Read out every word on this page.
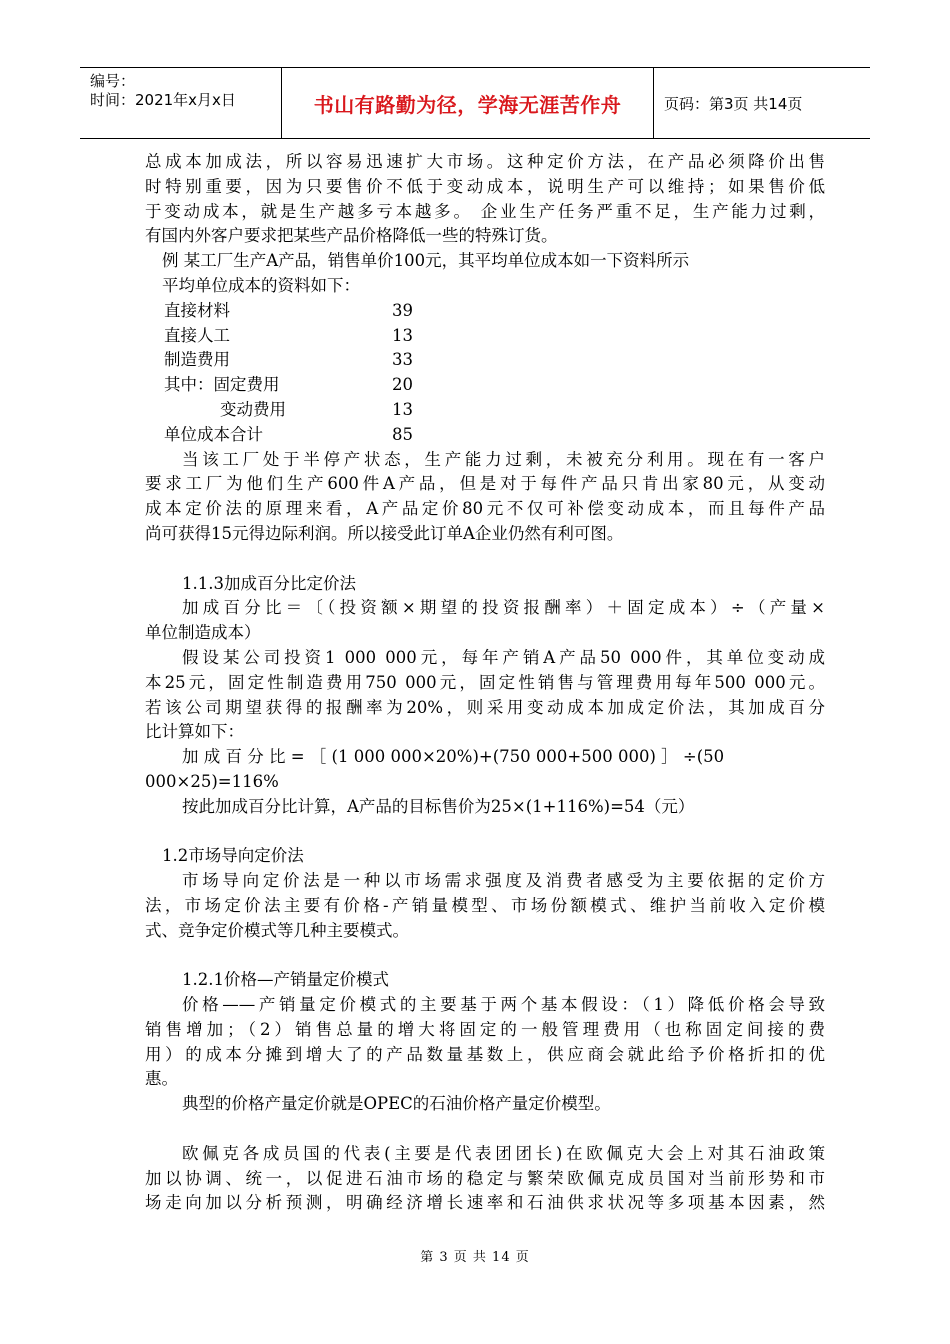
编号：
时间：2021年x月x日	书山有路勤为径，学海无涯苦作舟	页码：第3页 共14页
总成本加成法，所以容易迅速扩大市场。这种定价方法，在产品必须降价出售
时特别重要，因为只要售价不低于变动成本，说明生产可以维持；如果售价低
于变动成本，就是生产越多亏本越多。 企业生产任务严重不足，生产能力过剩，
有国内外客户要求把某些产品价格降低一些的特殊订货。
例 某工厂生产A产品，销售单价100元，其平均单位成本如一下资料所示
平均单位成本的资料如下：
直接材料	39
直接人工	13
制造费用	33
其中：固定费用	20
变动费用	13
单位成本合计	85
当该工厂处于半停产状态，生产能力过剩，未被充分利用。现在有一客户
要求工厂为他们生产600件A产品，但是对于每件产品只肯出家80元，从变动
成本定价法的原理来看，A产品定价80元不仅可补偿变动成本，而且每件产品
尚可获得15元得边际利润。所以接受此订单A企业仍然有利可图。
1.1.3加成百分比定价法
加成百分比＝〔（投资额×期望的投资报酬率）＋固定成本）÷（产量×
单位制造成本）
假设某公司投资1 000 000元，每年产销A产品50 000件，其单位变动成
本25元，固定性制造费用750 000元，固定性销售与管理费用每年500 000元。
若该公司期望获得的报酬率为20%，则采用变动成本加成定价法，其加成百分
比计算如下：
加 成 百 分 比 = ［ (1 000 000×20%)+(750 000+500 000) ］ ÷(50
000×25)=116%
按此加成百分比计算，A产品的目标售价为25×(1+116%)=54（元）
1.2市场导向定价法
市场导向定价法是一种以市场需求强度及消费者感受为主要依据的定价方
法，市场定价法主要有价格-产销量模型、市场份额模式、维护当前收入定价模
式、竞争定价模式等几种主要模式。
1.2.1价格—产销量定价模式
价格——产销量定价模式的主要基于两个基本假设：（1）降低价格会导致
销售增加；（2）销售总量的增大将固定的一般管理费用（也称固定间接的费
用）的成本分摊到增大了的产品数量基数上，供应商会就此给予价格折扣的优
惠。
典型的价格产量定价就是OPEC的石油价格产量定价模型。
欧佩克各成员国的代表(主要是代表团团长)在欧佩克大会上对其石油政策
加以协调、统一，以促进石油市场的稳定与繁荣欧佩克成员国对当前形势和市
场走向加以分析预测，明确经济增长速率和石油供求状况等多项基本因素，然
第 3 页 共 14 页
